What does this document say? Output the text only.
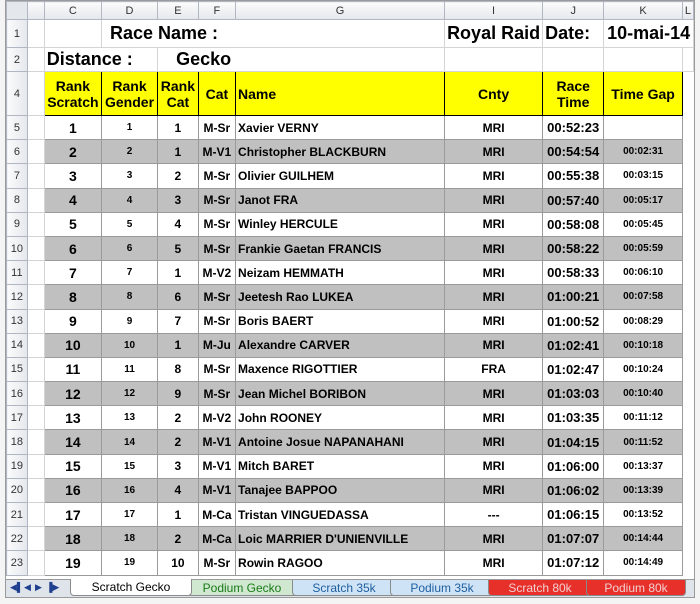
		C	D	E	F	G	I	J	K	L
1			Race Name :				Royal Raid	Date:	10-mai-14	
2		Distance :		Gecko						
4		Rank Scratch	Rank Gender	Rank Cat	Cat	Name	Cnty	Race Time	Time Gap	
5		1	1	1	M-Sr	Xavier VERNY	MRI	00:52:23		
6		2	2	1	M-V1	Christopher BLACKBURN	MRI	00:54:54	00:02:31	
7		3	3	2	M-Sr	Olivier GUILHEM	MRI	00:55:38	00:03:15	
8		4	4	3	M-Sr	Janot FRA	MRI	00:57:40	00:05:17	
9		5	5	4	M-Sr	Winley HERCULE	MRI	00:58:08	00:05:45	
10		6	6	5	M-Sr	Frankie Gaetan FRANCIS	MRI	00:58:22	00:05:59	
11		7	7	1	M-V2	Neizam HEMMATH	MRI	00:58:33	00:06:10	
12		8	8	6	M-Sr	Jeetesh Rao LUKEA	MRI	01:00:21	00:07:58	
13		9	9	7	M-Sr	Boris BAERT	MRI	01:00:52	00:08:29	
14		10	10	1	M-Ju	Alexandre CARVER	MRI	01:02:41	00:10:18	
15		11	11	8	M-Sr	Maxence RIGOTTIER	FRA	01:02:47	00:10:24	
16		12	12	9	M-Sr	Jean Michel BORIBON	MRI	01:03:03	00:10:40	
17		13	13	2	M-V2	John ROONEY	MRI	01:03:35	00:11:12	
18		14	14	2	M-V1	Antoine Josue NAPANAHANI	MRI	01:04:15	00:11:52	
19		15	15	3	M-V1	Mitch BARET	MRI	01:06:00	00:13:37	
20		16	16	4	M-V1	Tanajee BAPPOO	MRI	01:06:02	00:13:39	
21		17	17	1	M-Ca	Tristan VINGUEDASSA	---	01:06:15	00:13:52	
22		18	18	2	M-Ca	Loic MARRIER D'UNIENVILLE	MRI	01:07:07	00:14:44	
23		19	19	10	M-Sr	Rowin RAGOO	MRI	01:07:12	00:14:49	
◀▌ ◀ ▶ ▐▶	Scratch Gecko	Podium Gecko	Scratch 35k	Podium 35k	Scratch 80k	Podium 80k
